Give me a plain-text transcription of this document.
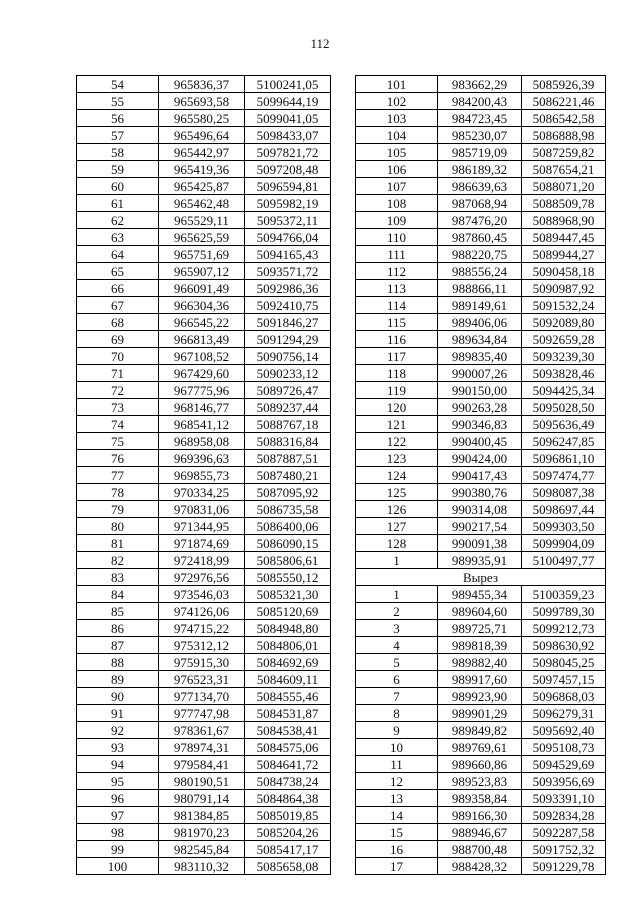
112
54	965836,37	5100241,05
55	965693,58	5099644,19
56	965580,25	5099041,05
57	965496,64	5098433,07
58	965442,97	5097821,72
59	965419,36	5097208,48
60	965425,87	5096594,81
61	965462,48	5095982,19
62	965529,11	5095372,11
63	965625,59	5094766,04
64	965751,69	5094165,43
65	965907,12	5093571,72
66	966091,49	5092986,36
67	966304,36	5092410,75
68	966545,22	5091846,27
69	966813,49	5091294,29
70	967108,52	5090756,14
71	967429,60	5090233,12
72	967775,96	5089726,47
73	968146,77	5089237,44
74	968541,12	5088767,18
75	968958,08	5088316,84
76	969396,63	5087887,51
77	969855,73	5087480,21
78	970334,25	5087095,92
79	970831,06	5086735,58
80	971344,95	5086400,06
81	971874,69	5086090,15
82	972418,99	5085806,61
83	972976,56	5085550,12
84	973546,03	5085321,30
85	974126,06	5085120,69
86	974715,22	5084948,80
87	975312,12	5084806,01
88	975915,30	5084692,69
89	976523,31	5084609,11
90	977134,70	5084555,46
91	977747,98	5084531,87
92	978361,67	5084538,41
93	978974,31	5084575,06
94	979584,41	5084641,72
95	980190,51	5084738,24
96	980791,14	5084864,38
97	981384,85	5085019,85
98	981970,23	5085204,26
99	982545,84	5085417,17
100	983110,32	5085658,08
101	983662,29	5085926,39
102	984200,43	5086221,46
103	984723,45	5086542,58
104	985230,07	5086888,98
105	985719,09	5087259,82
106	986189,32	5087654,21
107	986639,63	5088071,20
108	987068,94	5088509,78
109	987476,20	5088968,90
110	987860,45	5089447,45
111	988220,75	5089944,27
112	988556,24	5090458,18
113	988866,11	5090987,92
114	989149,61	5091532,24
115	989406,06	5092089,80
116	989634,84	5092659,28
117	989835,40	5093239,30
118	990007,26	5093828,46
119	990150,00	5094425,34
120	990263,28	5095028,50
121	990346,83	5095636,49
122	990400,45	5096247,85
123	990424,00	5096861,10
124	990417,43	5097474,77
125	990380,76	5098087,38
126	990314,08	5098697,44
127	990217,54	5099303,50
128	990091,38	5099904,09
1	989935,91	5100497,77
Вырез		
1	989455,34	5100359,23
2	989604,60	5099789,30
3	989725,71	5099212,73
4	989818,39	5098630,92
5	989882,40	5098045,25
6	989917,60	5097457,15
7	989923,90	5096868,03
8	989901,29	5096279,31
9	989849,82	5095692,40
10	989769,61	5095108,73
11	989660,86	5094529,69
12	989523,83	5093956,69
13	989358,84	5093391,10
14	989166,30	5092834,28
15	988946,67	5092287,58
16	988700,48	5091752,32
17	988428,32	5091229,78
